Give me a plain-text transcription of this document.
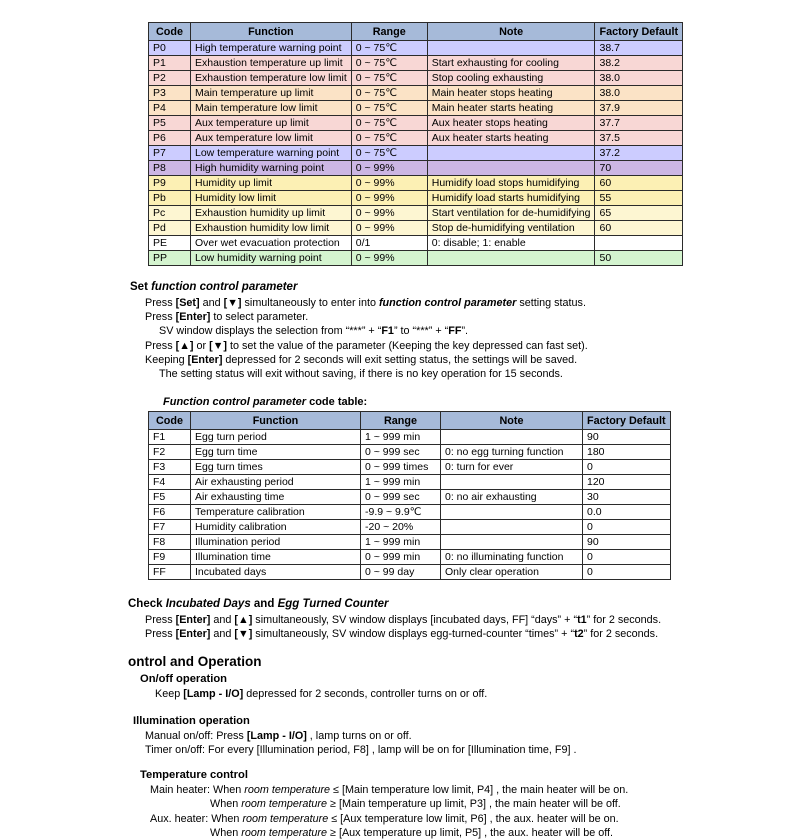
Code	Function	Range	Note	Factory Default
P0	High temperature warning point	0 ~ 75℃		38.7
P1	Exhaustion temperature up limit	0 ~ 75℃	Start exhausting for cooling	38.2
P2	Exhaustion temperature low limit	0 ~ 75℃	Stop cooling exhausting	38.0
P3	Main temperature up limit	0 ~ 75℃	Main heater stops heating	38.0
P4	Main temperature low limit	0 ~ 75℃	Main heater starts heating	37.9
P5	Aux temperature up limit	0 ~ 75℃	Aux heater stops heating	37.7
P6	Aux temperature low limit	0 ~ 75℃	Aux heater starts heating	37.5
P7	Low temperature warning point	0 ~ 75℃		37.2
P8	High humidity warning point	0 ~ 99%		70
P9	Humidity up limit	0 ~ 99%	Humidify load stops humidifying	60
Pb	Humidity low limit	0 ~ 99%	Humidify load starts humidifying	55
Pc	Exhaustion humidity up limit	0 ~ 99%	Start ventilation for de-humidifying	65
Pd	Exhaustion humidity low limit	0 ~ 99%	Stop de-humidifying ventilation	60
PE	Over wet evacuation protection	0/1	0: disable; 1: enable	
PP	Low humidity warning point	0 ~ 99%		50
Set function control parameter
Press [Set] and [▼] simultaneously to enter into function control parameter setting status.
Press [Enter] to select parameter.
SV window displays the selection from “***” + “F1” to “***” + “FF”.
Press [▲] or [▼] to set the value of the parameter (Keeping the key depressed can fast set).
Keeping [Enter] depressed for 2 seconds will exit setting status, the settings will be saved.
The setting status will exit without saving, if there is no key operation for 15 seconds.
Function control parameter code table:
Code	Function	Range	Note	Factory Default
F1	Egg turn period	1 ~ 999 min		90
F2	Egg turn time	0 ~ 999 sec	0: no egg turning function	180
F3	Egg turn times	0 ~ 999 times	0: turn for ever	0
F4	Air exhausting period	1 ~ 999 min		120
F5	Air exhausting time	0 ~ 999 sec	0: no air exhausting	30
F6	Temperature calibration	-9.9 ~ 9.9℃		0.0
F7	Humidity calibration	-20 ~ 20%		0
F8	Illumination period	1 ~ 999 min		90
F9	Illumination time	0 ~ 999 min	0: no illuminating function	0
FF	Incubated days	0 ~ 99 day	Only clear operation	0
Check Incubated Days and Egg Turned Counter
Press [Enter] and [▲] simultaneously, SV window displays [incubated days, FF] “days” + “t1” for 2 seconds.
Press [Enter] and [▼] simultaneously, SV window displays egg-turned-counter “times” + “t2” for 2 seconds.
ontrol and Operation
On/off operation
Keep [Lamp - I/O] depressed for 2 seconds, controller turns on or off.
Illumination operation
Manual on/off: Press [Lamp - I/O] , lamp turns on or off.
Timer on/off: For every [Illumination period, F8] , lamp will be on for [Illumination time, F9] .
Temperature control
Main heater: When room temperature ≤ [Main temperature low limit, P4] , the main heater will be on.
When room temperature ≥ [Main temperature up limit, P3] , the main heater will be off.
Aux. heater: When room temperature ≤ [Aux temperature low limit, P6] , the aux. heater will be on.
When room temperature ≥ [Aux temperature up limit, P5] , the aux. heater will be off.
